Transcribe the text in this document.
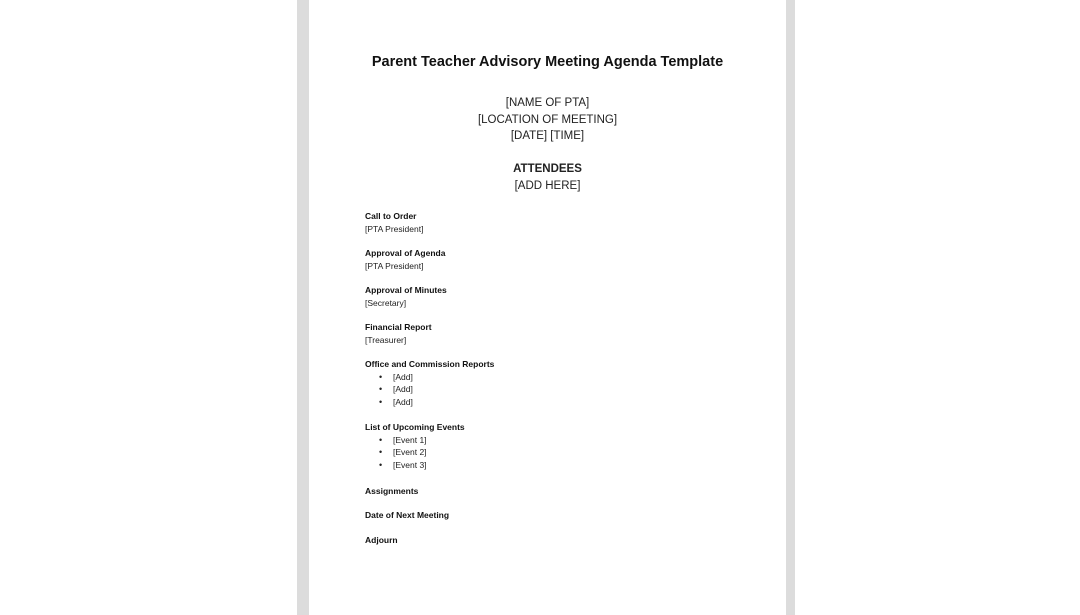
Parent Teacher Advisory Meeting Agenda Template
[NAME OF PTA]
[LOCATION OF MEETING]
[DATE] [TIME]
ATTENDEES
[ADD HERE]
Call to Order
[PTA President]
Approval of Agenda
[PTA President]
Approval of Minutes
[Secretary]
Financial Report
[Treasurer]
Office and Commission Reports
• [Add]
• [Add]
• [Add]
List of Upcoming Events
• [Event 1]
• [Event 2]
• [Event 3]
Assignments
Date of Next Meeting
Adjourn
